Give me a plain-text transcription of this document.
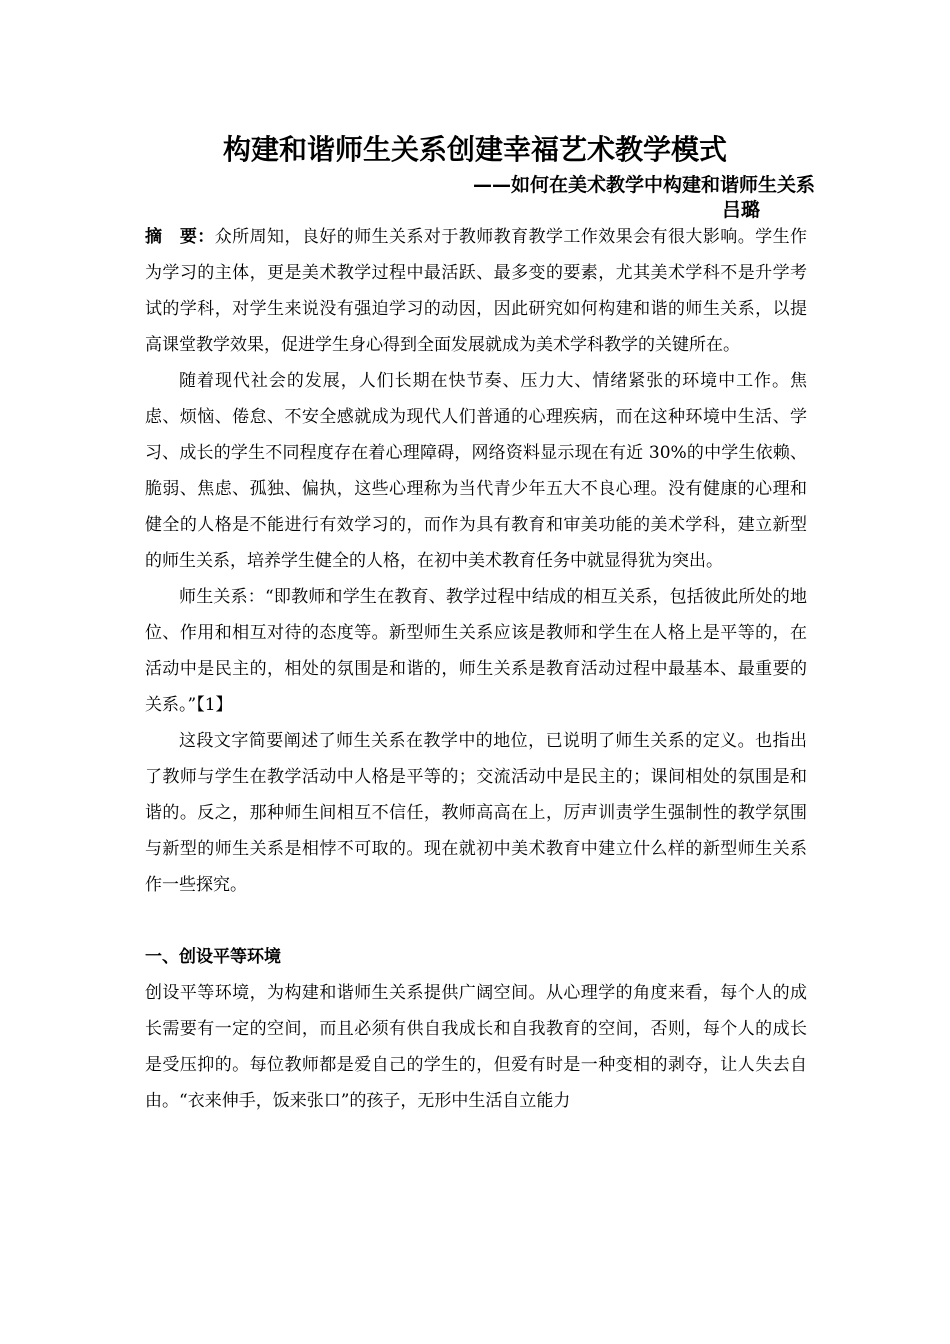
构建和谐师生关系创建幸福艺术教学模式
——如何在美术教学中构建和谐师生关系
吕璐

摘　要：众所周知，良好的师生关系对于教师教育教学工作效果会有很大影响。学生作为学习的主体，更是美术教学过程中最活跃、最多变的要素，尤其美术学科不是升学考试的学科，对学生来说没有强迫学习的动因，因此研究如何构建和谐的师生关系，以提高课堂教学效果，促进学生身心得到全面发展就成为美术学科教学的关键所在。

随着现代社会的发展，人们长期在快节奏、压力大、情绪紧张的环境中工作。焦虑、烦恼、倦怠、不安全感就成为现代人们普通的心理疾病，而在这种环境中生活、学习、成长的学生不同程度存在着心理障碍，网络资料显示现在有近 30%的中学生依赖、脆弱、焦虑、孤独、偏执，这些心理称为当代青少年五大不良心理。没有健康的心理和健全的人格是不能进行有效学习的，而作为具有教育和审美功能的美术学科，建立新型的师生关系，培养学生健全的人格，在初中美术教育任务中就显得犹为突出。

师生关系：“即教师和学生在教育、教学过程中结成的相互关系，包括彼此所处的地位、作用和相互对待的态度等。新型师生关系应该是教师和学生在人格上是平等的，在活动中是民主的，相处的氛围是和谐的，师生关系是教育活动过程中最基本、最重要的关系。”【1】

这段文字简要阐述了师生关系在教学中的地位，已说明了师生关系的定义。也指出了教师与学生在教学活动中人格是平等的；交流活动中是民主的；课间相处的氛围是和谐的。反之，那种师生间相互不信任，教师高高在上，厉声训责学生强制性的教学氛围与新型的师生关系是相悖不可取的。现在就初中美术教育中建立什么样的新型师生关系作一些探究。

一、创设平等环境

创设平等环境，为构建和谐师生关系提供广阔空间。从心理学的角度来看，每个人的成长需要有一定的空间，而且必须有供自我成长和自我教育的空间，否则，每个人的成长是受压抑的。每位教师都是爱自己的学生的，但爱有时是一种变相的剥夺，让人失去自由。“衣来伸手，饭来张口”的孩子，无形中生活自立能力
